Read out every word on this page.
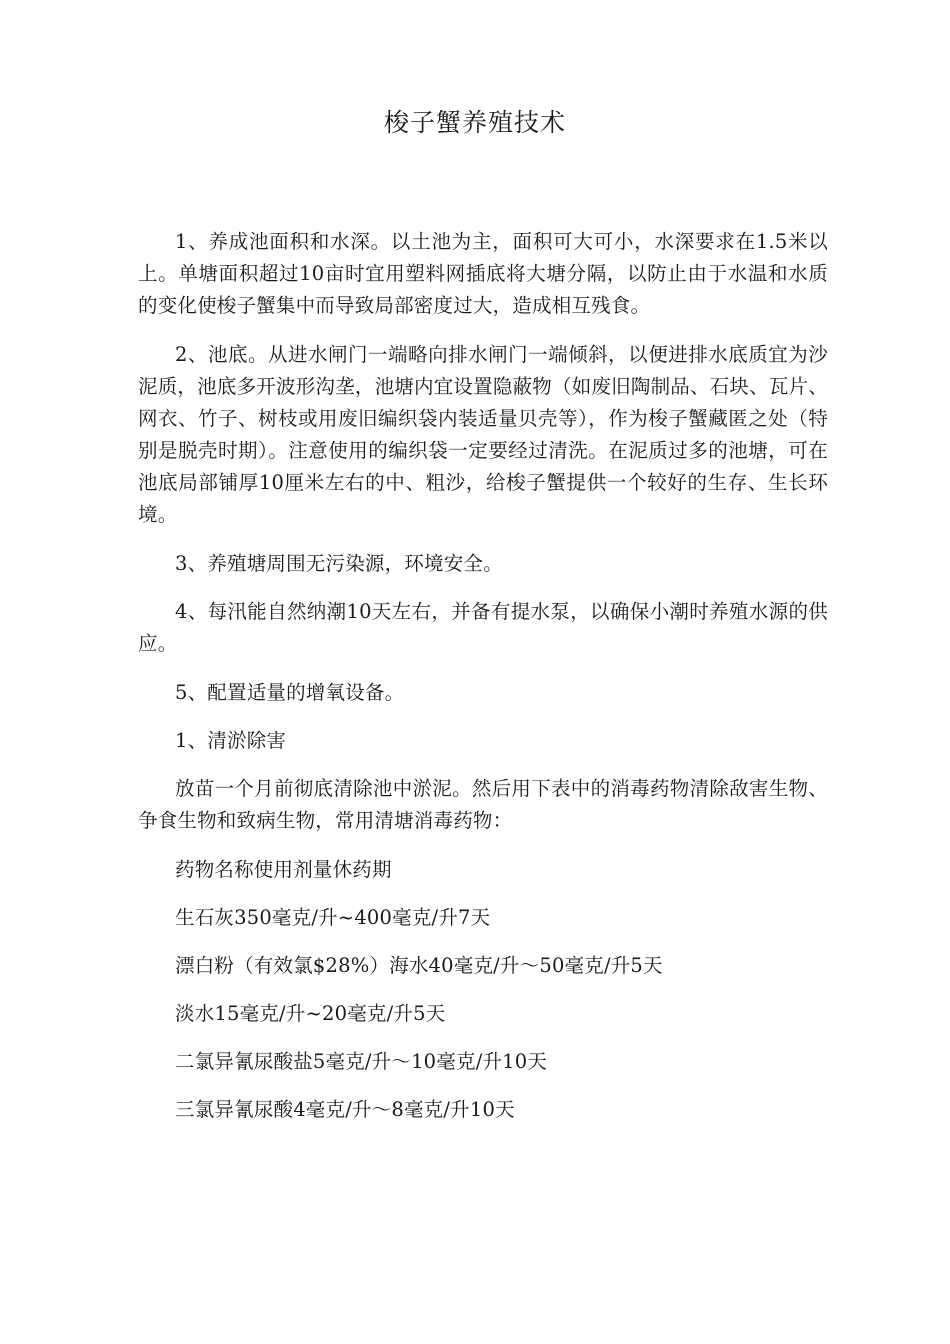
梭子蟹养殖技术

1、养成池面积和水深。以土池为主，面积可大可小，水深要求在1.5米以上。单塘面积超过10亩时宜用塑料网插底将大塘分隔，以防止由于水温和水质的变化使梭子蟹集中而导致局部密度过大，造成相互残食。

2、池底。从进水闸门一端略向排水闸门一端倾斜，以便进排水底质宜为沙泥质，池底多开波形沟垄，池塘内宜设置隐蔽物（如废旧陶制品、石块、瓦片、网衣、竹子、树枝或用废旧编织袋内装适量贝壳等），作为梭子蟹藏匿之处（特别是脱壳时期）。注意使用的编织袋一定要经过清洗。在泥质过多的池塘，可在池底局部铺厚10厘米左右的中、粗沙，给梭子蟹提供一个较好的生存、生长环境。

3、养殖塘周围无污染源，环境安全。

4、每汛能自然纳潮10天左右，并备有提水泵，以确保小潮时养殖水源的供应。

5、配置适量的增氧设备。

1、清淤除害

放苗一个月前彻底清除池中淤泥。然后用下表中的消毒药物清除敌害生物、争食生物和致病生物，常用清塘消毒药物：

药物名称使用剂量休药期

生石灰350毫克/升~400毫克/升7天

漂白粉（有效氯$28%）海水40毫克/升〜50毫克/升5天

淡水15毫克/升~20毫克/升5天

二氯异氰尿酸盐5毫克/升〜10毫克/升10天

三氯异氰尿酸4毫克/升〜8毫克/升10天
